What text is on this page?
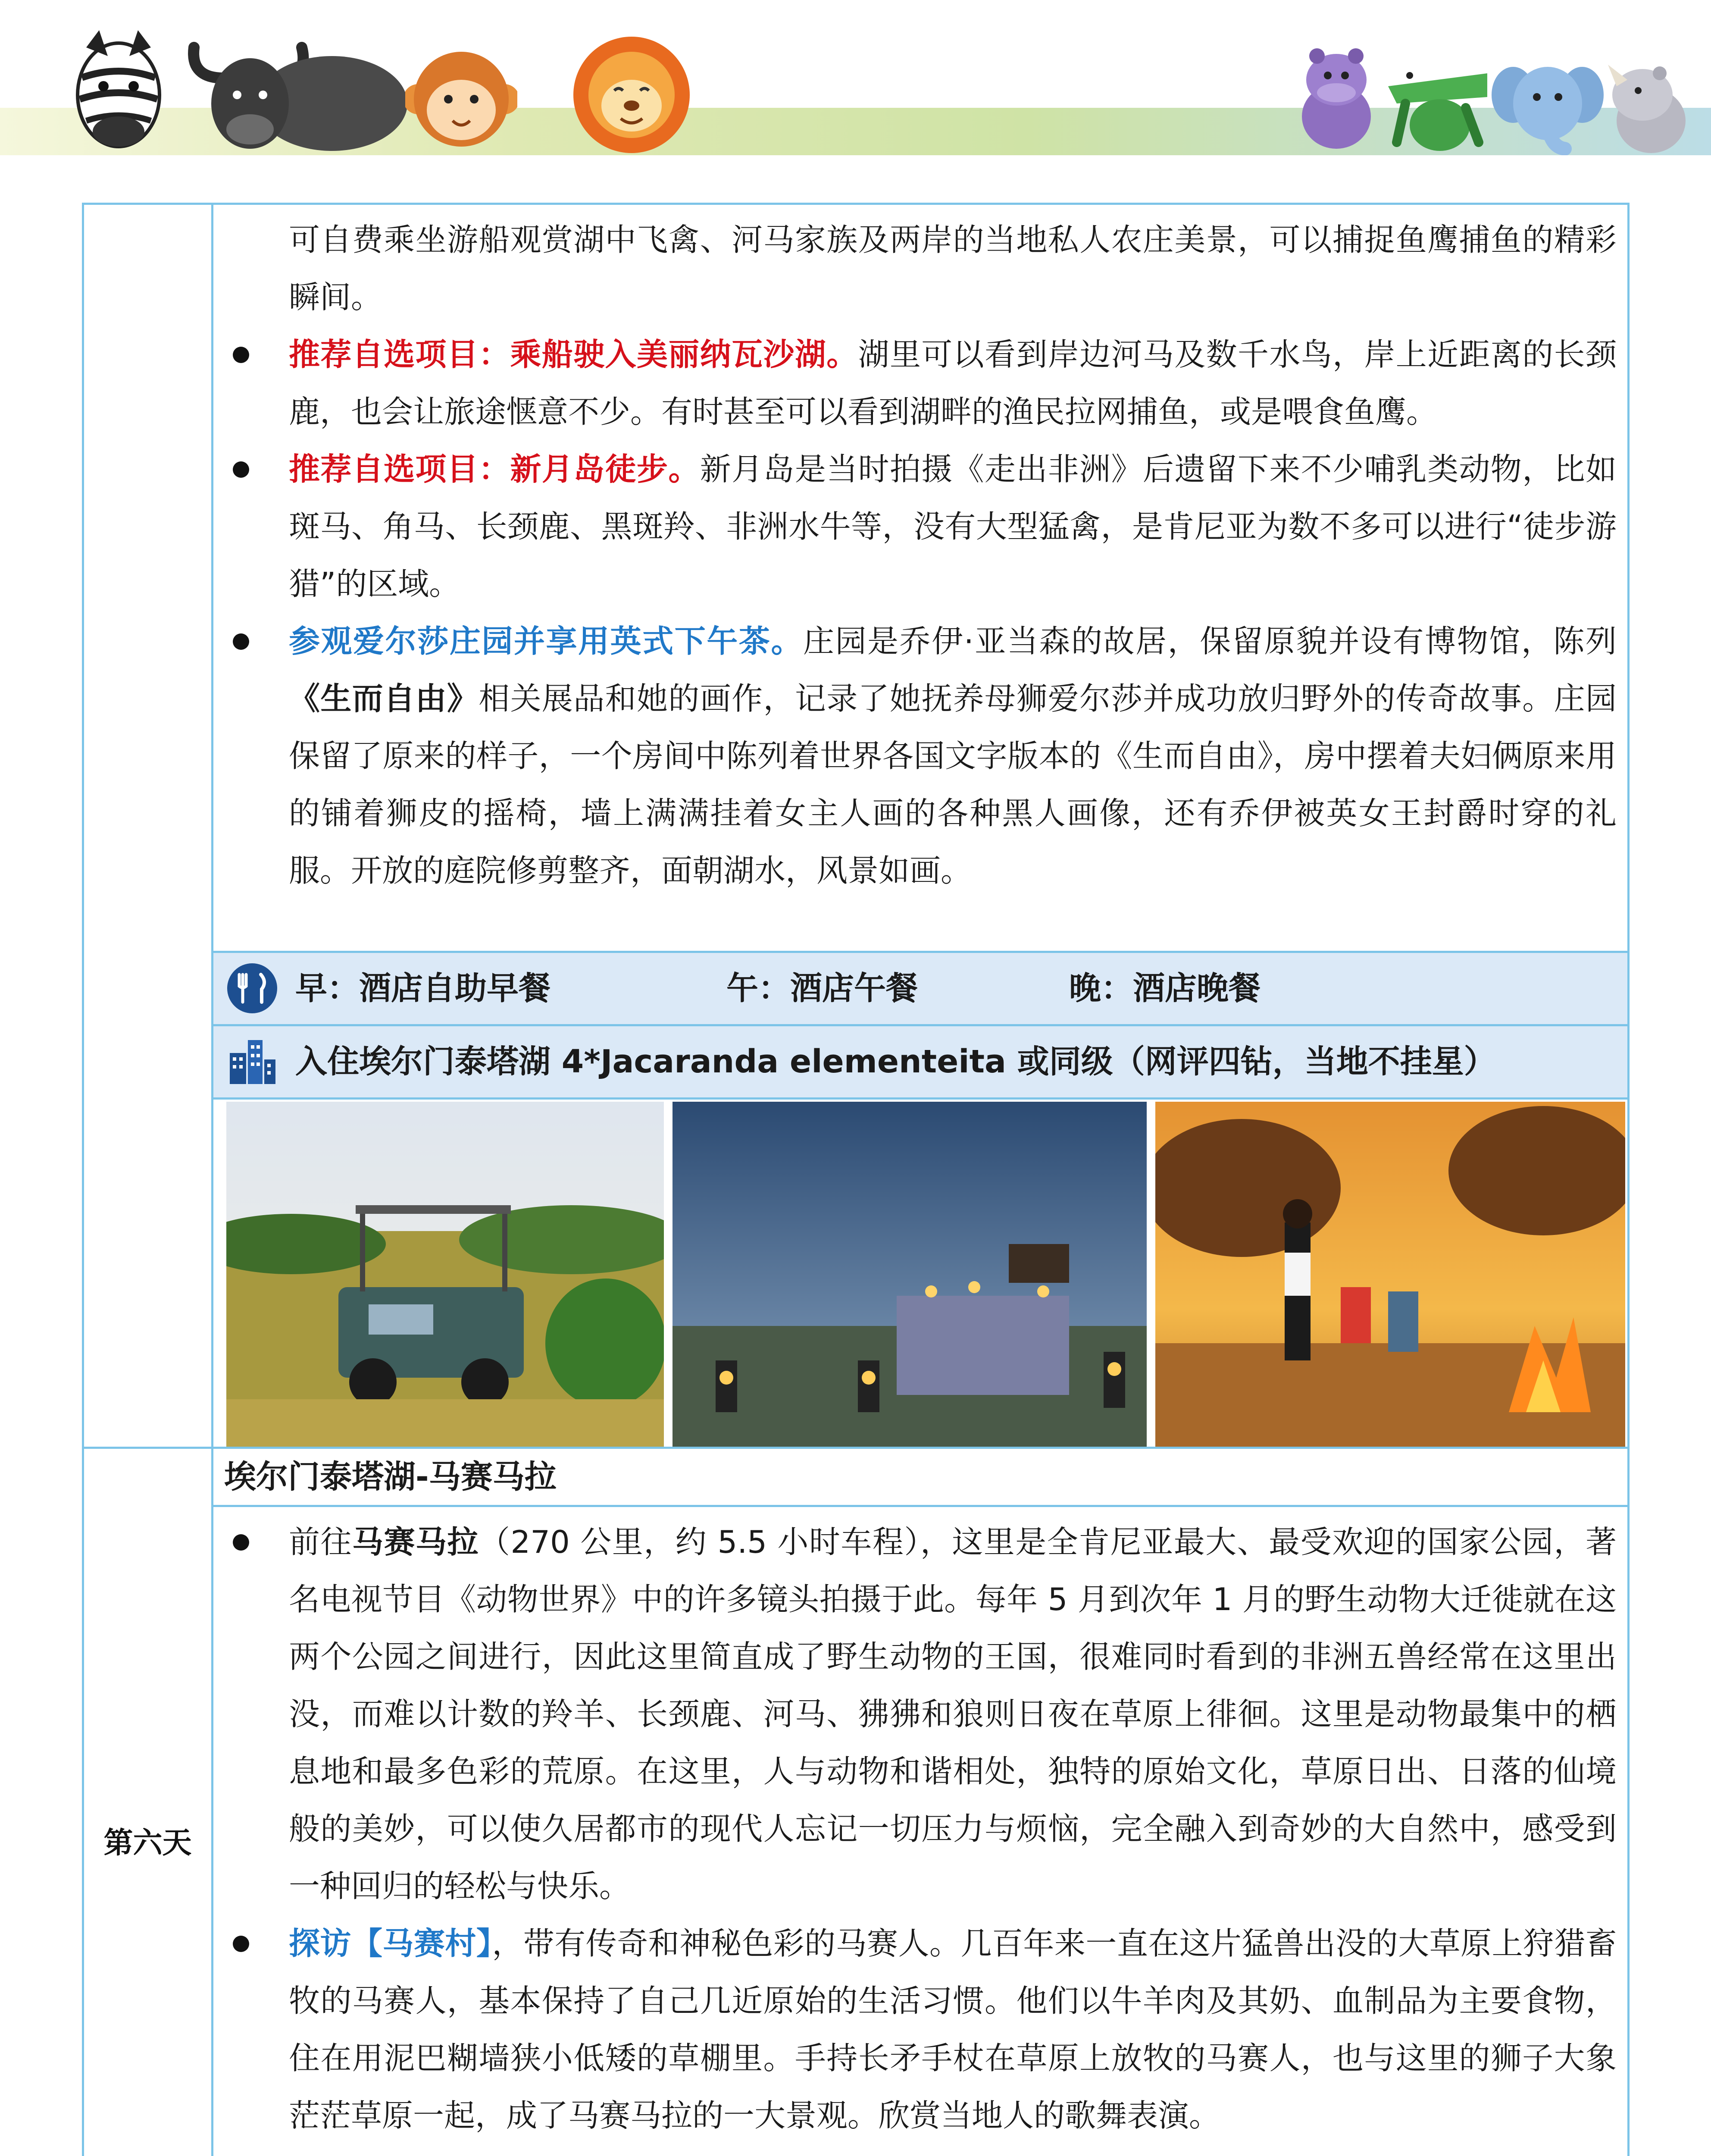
可自费乘坐游船观赏湖中飞禽、河马家族及两岸的当地私人农庄美景，可以捕捉鱼鹰捕鱼的精彩瞬间。

推荐自选项目：乘船驶入美丽纳瓦沙湖。湖里可以看到岸边河马及数千水鸟，岸上近距离的长颈鹿，也会让旅途惬意不少。有时甚至可以看到湖畔的渔民拉网捕鱼，或是喂食鱼鹰。

推荐自选项目：新月岛徒步。新月岛是当时拍摄《走出非洲》后遗留下来不少哺乳类动物，比如斑马、角马、长颈鹿、黑斑羚、非洲水牛等，没有大型猛禽，是肯尼亚为数不多可以进行“徒步游猎”的区域。

参观爱尔莎庄园并享用英式下午茶。庄园是乔伊·亚当森的故居，保留原貌并设有博物馆，陈列《生而自由》相关展品和她的画作，记录了她抚养母狮爱尔莎并成功放归野外的传奇故事。庄园保留了原来的样子，一个房间中陈列着世界各国文字版本的《生而自由》，房中摆着夫妇俩原来用的铺着狮皮的摇椅，墙上满满挂着女主人画的各种黑人画像，还有乔伊被英女王封爵时穿的礼服。开放的庭院修剪整齐，面朝湖水，风景如画。

早：酒店自助早餐	午：酒店午餐	晚：酒店晚餐
入住埃尔门泰塔湖 4*Jacaranda elementeita 或同级（网评四钻，当地不挂星）
埃尔门泰塔湖-马赛马拉
第六天

前往马赛马拉（270 公里，约 5.5 小时车程），这里是全肯尼亚最大、最受欢迎的国家公园，著名电视节目《动物世界》中的许多镜头拍摄于此。每年 5 月到次年 1 月的野生动物大迁徙就在这两个公园之间进行，因此这里简直成了野生动物的王国，很难同时看到的非洲五兽经常在这里出没，而难以计数的羚羊、长颈鹿、河马、狒狒和狼则日夜在草原上徘徊。这里是动物最集中的栖息地和最多色彩的荒原。在这里，人与动物和谐相处，独特的原始文化，草原日出、日落的仙境般的美妙，可以使久居都市的现代人忘记一切压力与烦恼，完全融入到奇妙的大自然中，感受到一种回归的轻松与快乐。

探访【马赛村】，带有传奇和神秘色彩的马赛人。几百年来一直在这片猛兽出没的大草原上狩猎畜牧的马赛人，基本保持了自己几近原始的生活习惯。他们以牛羊肉及其奶、血制品为主要食物，住在用泥巴糊墙狭小低矮的草棚里。手持长矛手杖在草原上放牧的马赛人，也与这里的狮子大象茫茫草原一起，成了马赛马拉的一大景观。欣赏当地人的歌舞表演。
